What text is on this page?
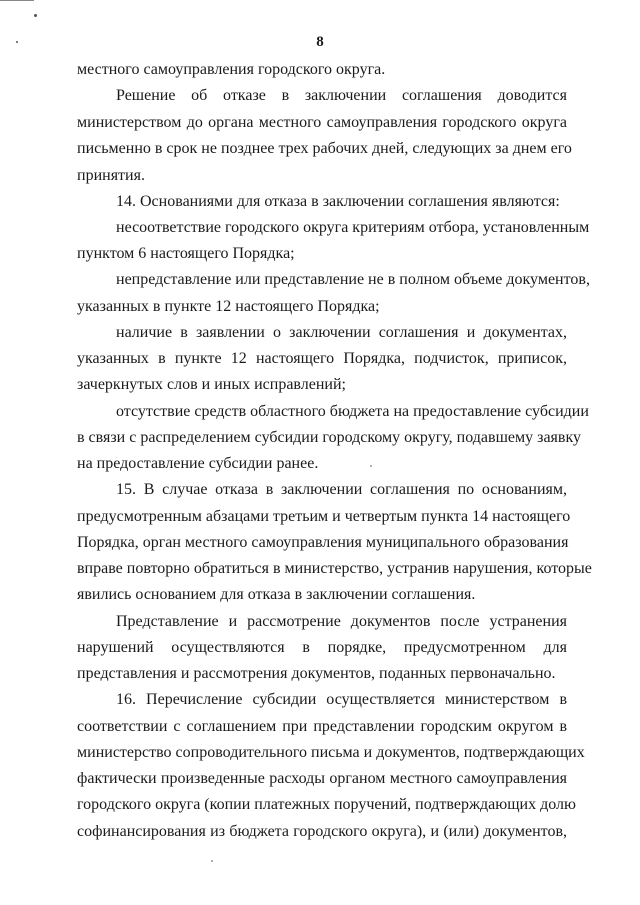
8
местного самоуправления городского округа.
Решение об отказе в заключении соглашения доводится
министерством до органа местного самоуправления городского округа
письменно в срок не позднее трех рабочих дней, следующих за днем его
принятия.
14. Основаниями для отказа в заключении соглашения являются:
несоответствие городского округа критериям отбора, установленным
пунктом 6 настоящего Порядка;
непредставление или представление не в полном объеме документов,
указанных в пункте 12 настоящего Порядка;
наличие в заявлении о заключении соглашения и документах,
указанных в пункте 12 настоящего Порядка, подчисток, приписок,
зачеркнутых слов и иных исправлений;
отсутствие средств областного бюджета на предоставление субсидии
в связи с распределением субсидии городскому округу, подавшему заявку
на предоставление субсидии ранее.
15. В случае отказа в заключении соглашения по основаниям,
предусмотренным абзацами третьим и четвертым пункта 14 настоящего
Порядка, орган местного самоуправления муниципального образования
вправе повторно обратиться в министерство, устранив нарушения, которые
явились основанием для отказа в заключении соглашения.
Представление и рассмотрение документов после устранения
нарушений осуществляются в порядке, предусмотренном для
представления и рассмотрения документов, поданных первоначально.
16. Перечисление субсидии осуществляется министерством в
соответствии с соглашением при представлении городским округом в
министерство сопроводительного письма и документов, подтверждающих
фактически произведенные расходы органом местного самоуправления
городского округа (копии платежных поручений, подтверждающих долю
софинансирования из бюджета городского округа), и (или) документов,
